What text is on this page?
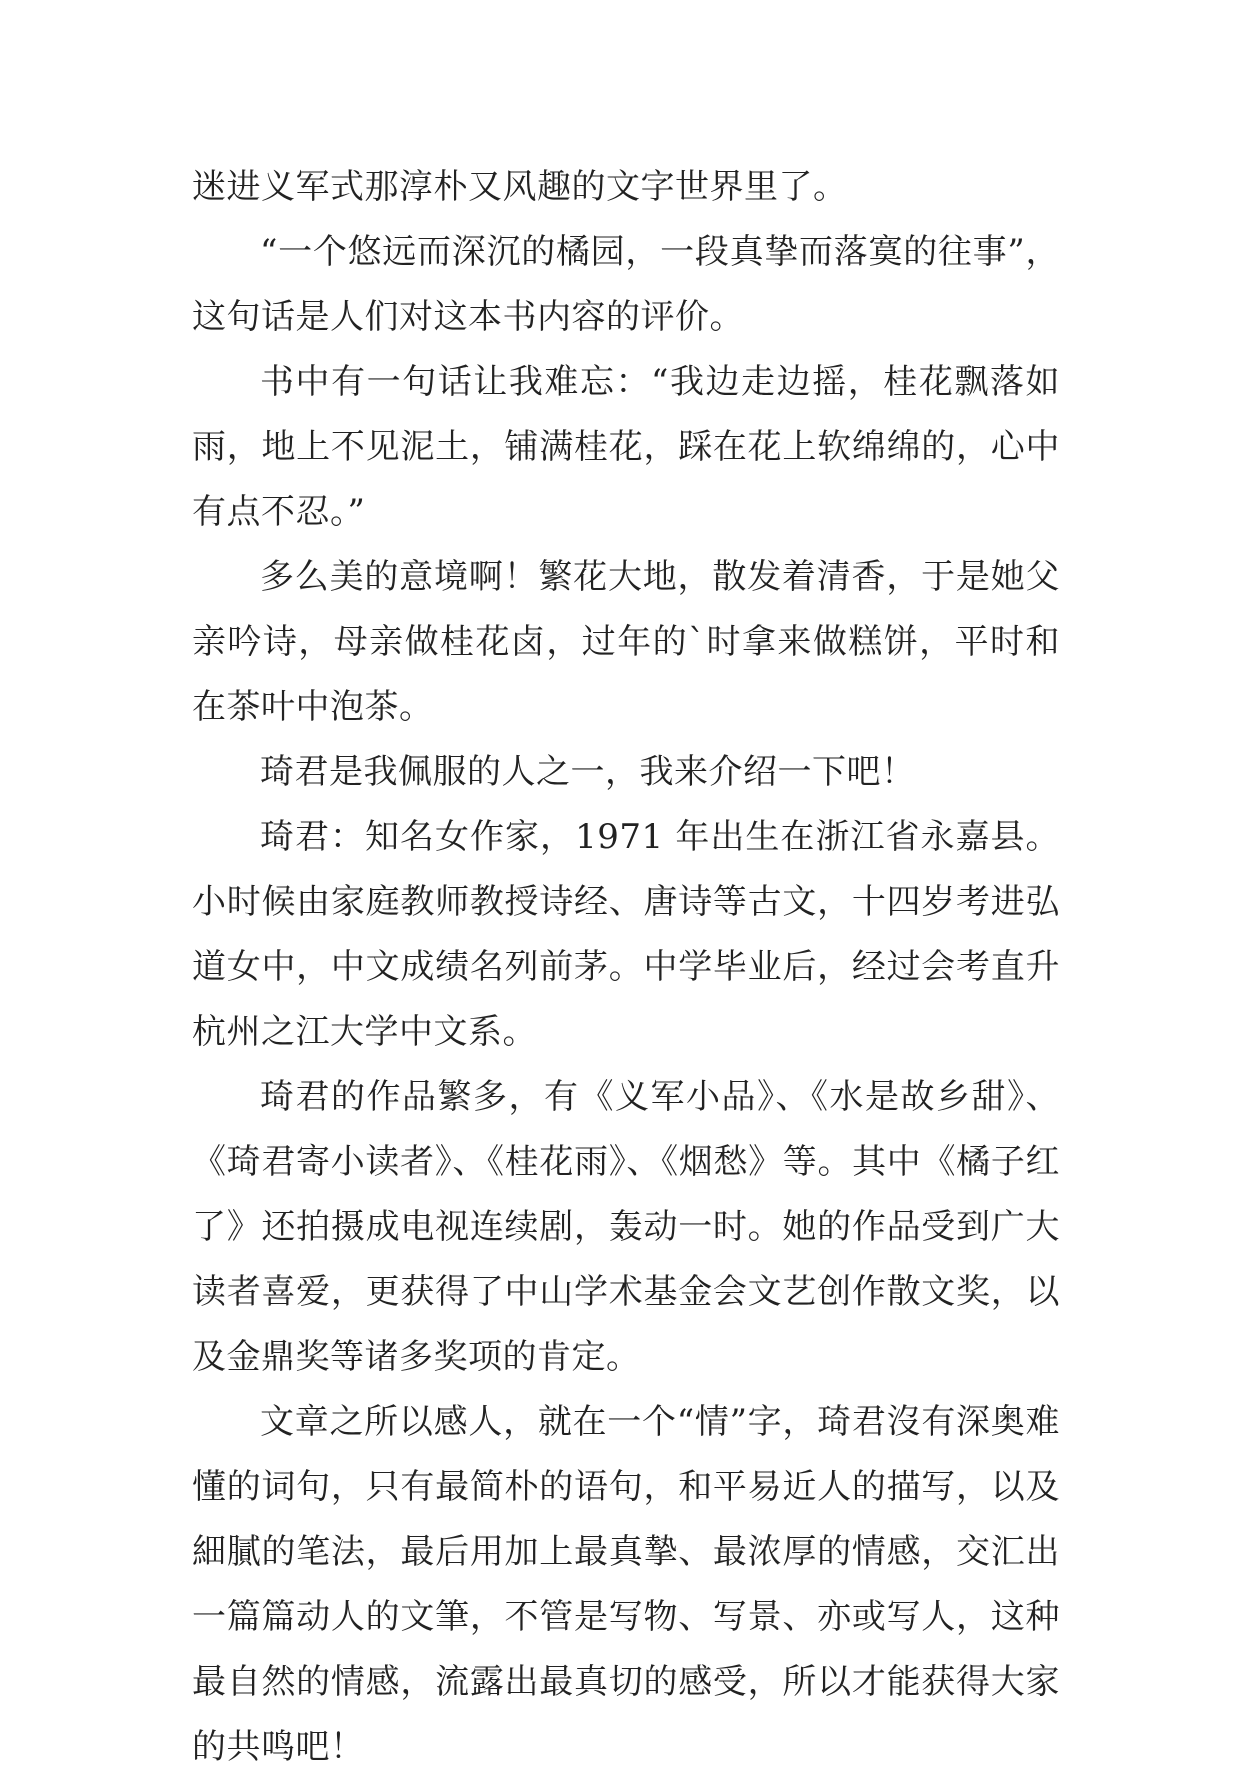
迷进义军式那淳朴又风趣的文字世界里了。

“一个悠远而深沉的橘园，一段真挚而落寞的往事”，这句话是人们对这本书内容的评价。

书中有一句话让我难忘：“我边走边摇，桂花飘落如雨，地上不见泥土，铺满桂花，踩在花上软绵绵的，心中有点不忍。”

多么美的意境啊！繁花大地，散发着清香，于是她父亲吟诗，母亲做桂花卤，过年的`时拿来做糕饼，平时和在茶叶中泡茶。

琦君是我佩服的人之一，我来介绍一下吧！

琦君：知名女作家，1971 年出生在浙江省永嘉县。小时候由家庭教师教授诗经、唐诗等古文，十四岁考进弘道女中，中文成绩名列前茅。中学毕业后，经过会考直升杭州之江大学中文系。

琦君的作品繁多，有《义军小品》、《水是故乡甜》、《琦君寄小读者》、《桂花雨》、《烟愁》等。其中《橘子红了》还拍摄成电视连续剧，轰动一时。她的作品受到广大读者喜爱，更获得了中山学术基金会文艺创作散文奖，以及金鼎奖等诸多奖项的肯定。

文章之所以感人，就在一个“情”字，琦君沒有深奥难懂的词句，只有最简朴的语句，和平易近人的描写，以及細膩的笔法，最后用加上最真摯、最浓厚的情感，交汇出一篇篇动人的文筆，不管是写物、写景、亦或写人，这种最自然的情感，流露出最真切的感受，所以才能获得大家的共鸣吧！
